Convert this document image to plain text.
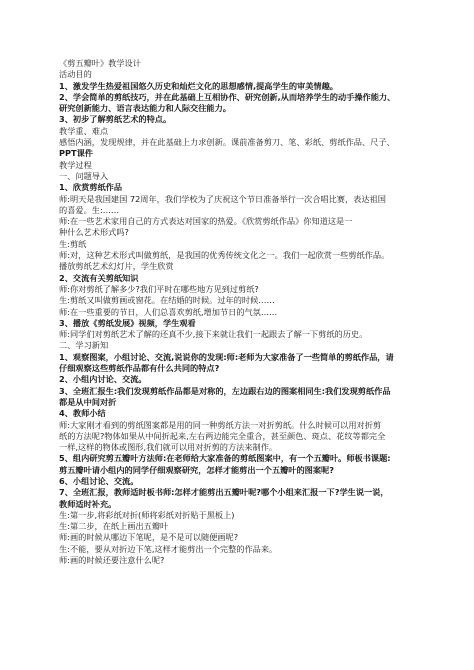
《剪五瓣叶》教学设计
活动目的
1、激发学生热爱祖国悠久历史和灿烂文化的思想感情,提高学生的审美情趣。
2、学会简单的剪纸技巧，并在此基础上互相协作、研究创新,从而培养学生的动手操作能力、
研究创新能力、语言表达能力和人际交往能力。
3、初步了解剪纸艺术的特点。
教学重、难点
感悟内涵，发现规律，并在此基础上力求创新。课前准备剪刀、笔、彩纸、剪纸作品、尺子、
PPT课件
教学过程
一、问题导入
1、欣赏剪纸作品
师:明天是我国建国 72周年，我们学校为了庆祝这个节日准备举行一次合唱比赛，表达祖国
的喜爱。生:……
师:在一些艺术家用自己的方式表达对国家的热爱。《欣赏剪纸作品》你知道这是一
种什么艺术形式吗?
生:剪纸
师:对，这种艺术形式叫做剪纸，是我国的优秀传统文化之一。我们一起欣赏一些剪纸作品。
播放剪纸艺术幻灯片，学生欣赏
2、交流有关剪纸知识
师:你对剪纸了解多少?我们平时在哪些地方见到过剪纸?
生:剪纸又叫做剪画或窗花。在结婚的时候。过年的时候……
师:在一些重要的节日，人们总喜欢剪纸,增加节日的气氛……
3、播放《剪纸发展》视频，学生观看
师:同学们对剪纸艺术了解的还真不少,接下来就让我们一起跟去了解一下剪纸的历史。
二、学习新知
1、观察图案，小组讨论、交流,说说你的发现:师:老师为大家准备了一些简单的剪纸作品，请
仔细观察这些剪纸作品都有什么共同的特点?
2、小组内讨论、交流。
3、全班汇报生:我们发现剪纸作品都是对称的，左边跟右边的图案相同生:我们发现剪纸作品
都是从中间对折
4、教师小结
师:大家刚才看到的剪纸图案都是用的同一种剪纸方法一对折剪纸。什么时候可以用对折剪
纸的方法呢?物体如果从中间折起来,左右两边能完全重合，甚至颜色、斑点、花纹等都完全
一样,这样的物体或图形,我们就可以用对折剪的方法来制作。
5、组内研究剪五瓣叶方法师:在老师给大家准备的剪纸图案中，有一个五瓣叶。师板书课题:
剪五瓣叶请小组内的同学仔细观察研究，怎样才能剪出一个五瓣叶的图案呢?
6、小组讨论、交流。
7、全班汇报，教师适时板书师:怎样才能剪出五瓣叶呢?哪个小组来汇报一下?学生说一说，
教师适时补充。
生:第一步,将彩纸对折(师将彩纸对折贴于黑板上)
生:第二步，在纸上画出五瓣叶
师:画的时候从哪边下笔呢，是不是可以随便画呢?
生:不能，要从对折边下笔,这样才能剪出一个完整的作品来。
师:画的时候还要注意什么呢?
